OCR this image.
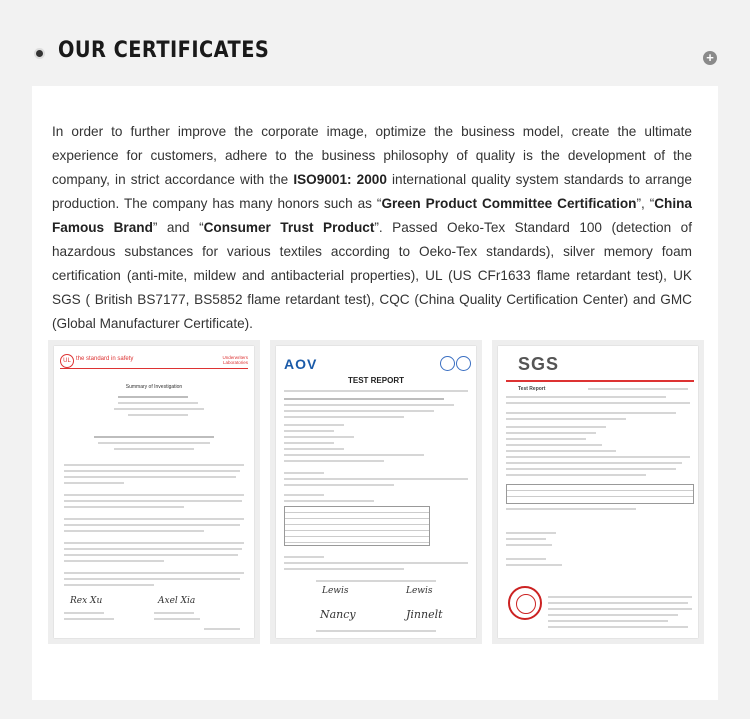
OUR CERTIFICATES	+

In order to further improve the corporate image, optimize the business model, create the ultimate experience for customers, adhere to the business philosophy of quality is the development of the company, in strict accordance with the ISO9001: 2000 international quality system standards to arrange production. The company has many honors such as “Green Product Committee Certification”, “China Famous Brand” and “Consumer Trust Product”. Passed Oeko-Tex Standard 100 (detection of hazardous substances for various textiles according to Oeko-Tex standards), silver memory foam certification (anti-mite, mildew and antibacterial properties), UL (US CFr1633 flame retardant test), UK SGS ( British BS7177, BS5852 flame retardant test), CQC (China Quality Certification Center) and GMC (Global Manufacturer Certificate).

UL the standard in safety	Underwriters Laboratories
Summary of Investigation
Rex Xu	Axel Xia
AOV
TEST REPORT
Lewis	Lewis
Nancy	Jinnelt
SGS
Test Report
